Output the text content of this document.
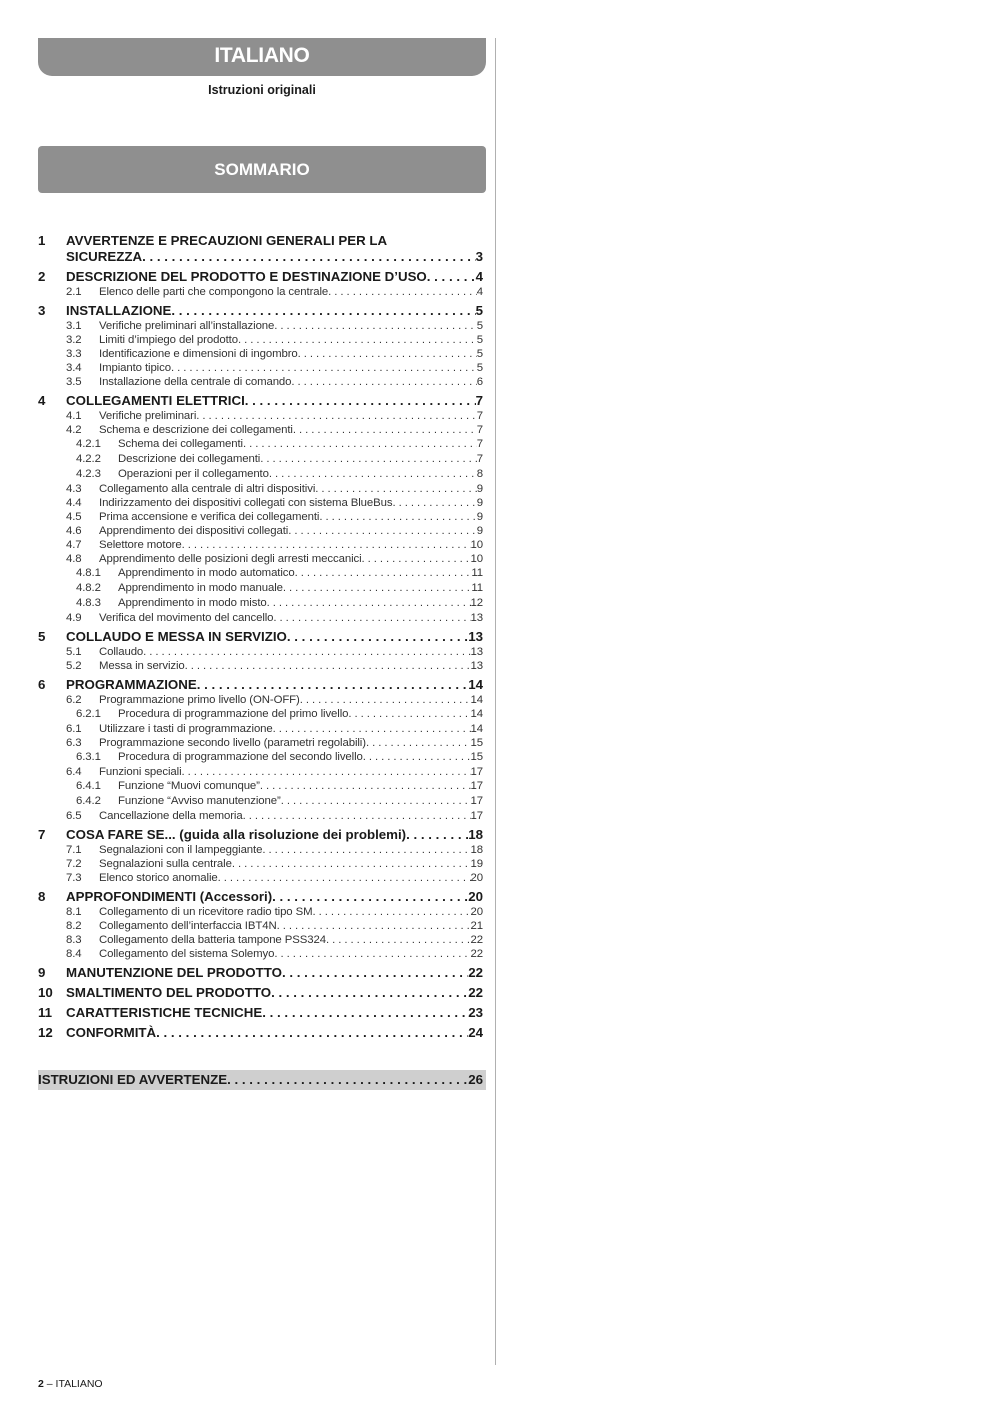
ITALIANO
Istruzioni originali
SOMMARIO
1	AVVERTENZE E PRECAUZIONI GENERALI PER LA
SICUREZZA . . .	3
2	DESCRIZIONE DEL PRODOTTO E DESTINAZIONE D’USO . . .	4
2.1	Elenco delle parti che compongono la centrale . . .	4
3	INSTALLAZIONE . . .	5
3.1	Verifiche preliminari all’installazione . . .	5
3.2	Limiti d’impiego del prodotto . . .	5
3.3	Identificazione e dimensioni di ingombro . . .	5
3.4	Impianto tipico . . .	5
3.5	Installazione della centrale di comando . . .	6
4	COLLEGAMENTI ELETTRICI . . .	7
4.1	Verifiche preliminari . . .	7
4.2	Schema e descrizione dei collegamenti . . .	7
4.2.1	Schema dei collegamenti . . .	7
4.2.2	Descrizione dei collegamenti . . .	7
4.2.3	Operazioni per il collegamento . . .	8
4.3	Collegamento alla centrale di altri dispositivi . . .	9
4.4	Indirizzamento dei dispositivi collegati con sistema BlueBus . . .	9
4.5	Prima accensione e verifica dei collegamenti . . .	9
4.6	Apprendimento dei dispositivi collegati . . .	9
4.7	Selettore motore . . .	10
4.8	Apprendimento delle posizioni degli arresti meccanici . . .	10
4.8.1	Apprendimento in modo automatico . . .	11
4.8.2	Apprendimento in modo manuale . . .	11
4.8.3	Apprendimento in modo misto . . .	12
4.9	Verifica del movimento del cancello . . .	13
5	COLLAUDO E MESSA IN SERVIZIO . . .	13
5.1	Collaudo . . .	13
5.2	Messa in servizio . . .	13
6	PROGRAMMAZIONE . . .	14
6.2	Programmazione primo livello (ON-OFF) . . .	14
6.2.1	Procedura di programmazione del primo livello . . .	14
6.1	Utilizzare i tasti di programmazione . . .	14
6.3	Programmazione secondo livello (parametri regolabili) . . .	15
6.3.1	Procedura di programmazione del secondo livello . . .	15
6.4	Funzioni speciali . . .	17
6.4.1	Funzione “Muovi comunque” . . .	17
6.4.2	Funzione “Avviso manutenzione” . . .	17
6.5	Cancellazione della memoria . . .	17
7	COSA FARE SE... (guida alla risoluzione dei problemi) . . .	18
7.1	Segnalazioni con il lampeggiante . . .	18
7.2	Segnalazioni sulla centrale . . .	19
7.3	Elenco storico anomalie . . .	20
8	APPROFONDIMENTI (Accessori) . . .	20
8.1	Collegamento di un ricevitore radio tipo SM . . .	20
8.2	Collegamento dell’interfaccia IBT4N . . .	21
8.3	Collegamento della batteria tampone PSS324 . . .	22
8.4	Collegamento del sistema Solemyo . . .	22
9	MANUTENZIONE DEL PRODOTTO . . .	22
10 SMALTIMENTO DEL PRODOTTO . . .	22
11	CARATTERISTICHE TECNICHE . . .	23
12 CONFORMITÀ . . .	24
ISTRUZIONI ED AVVERTENZE . . .	26
2 – ITALIANO
